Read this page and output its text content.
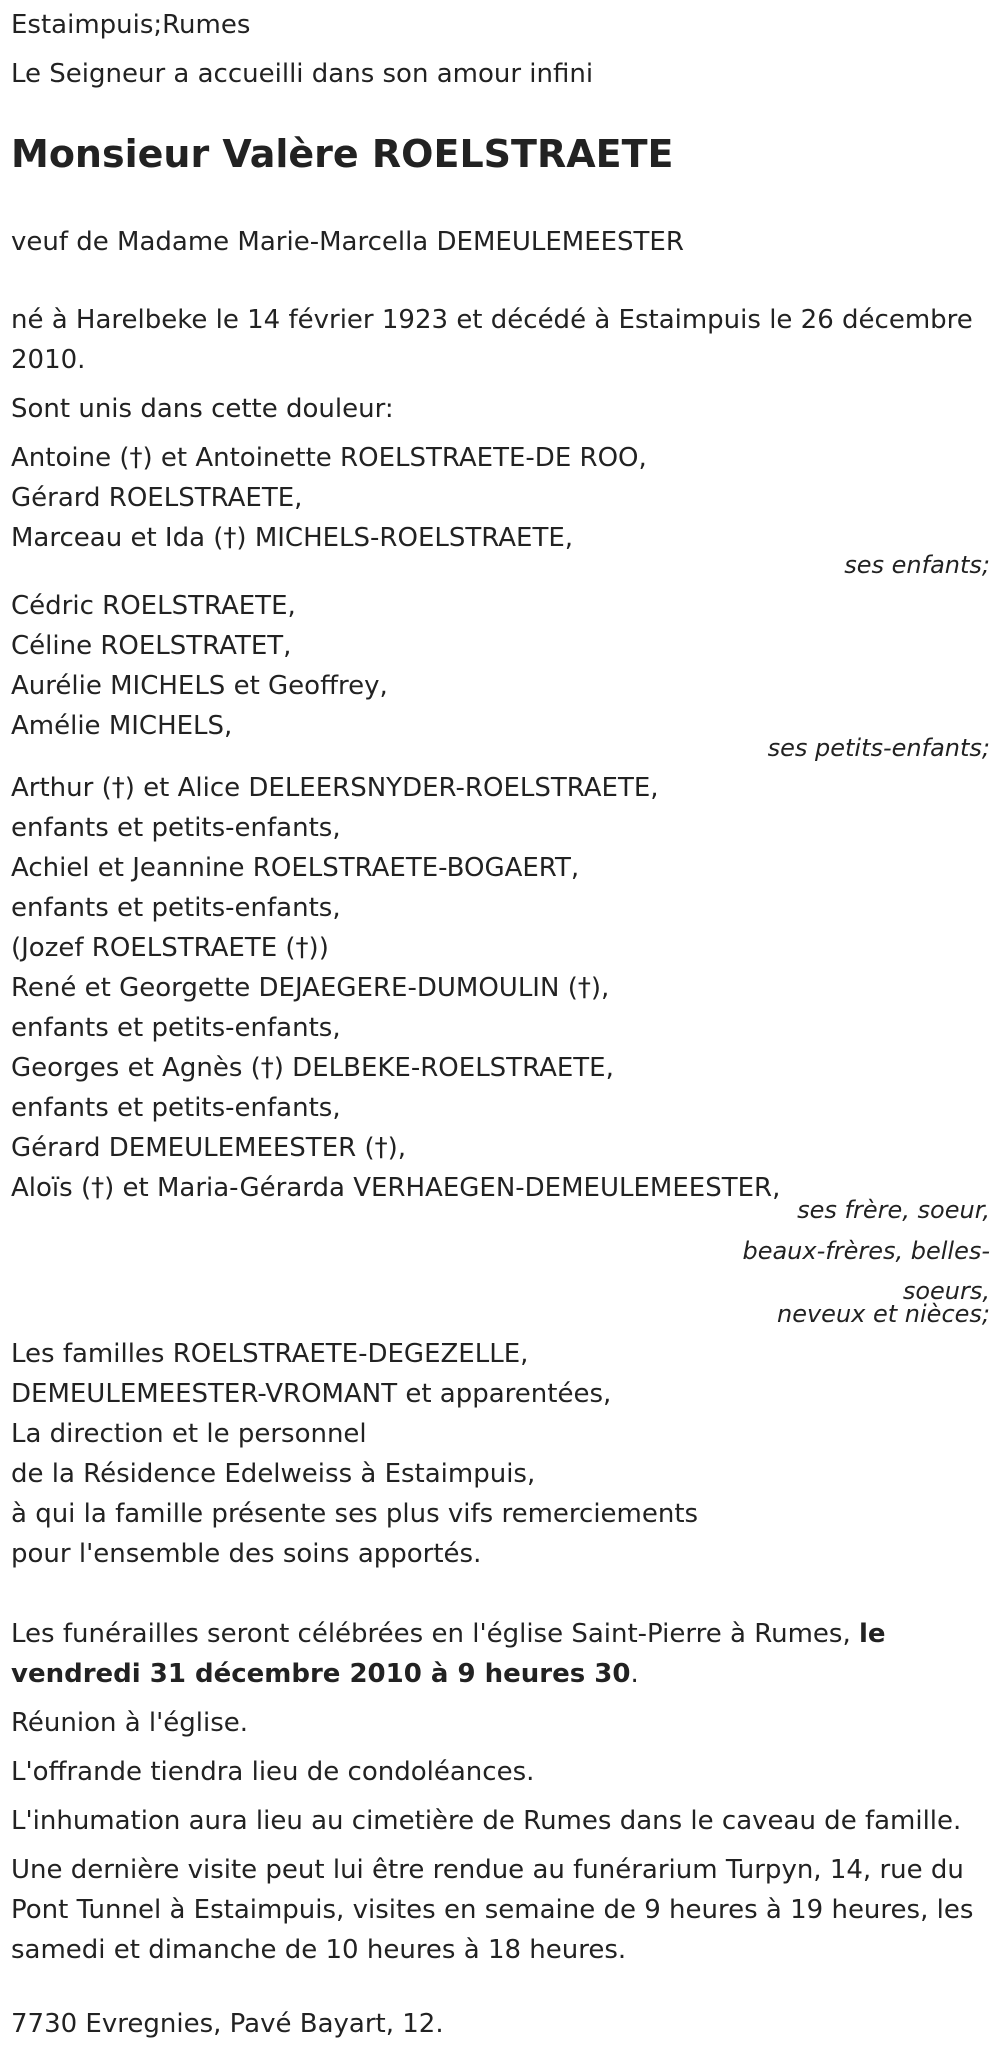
Estaimpuis;Rumes
Le Seigneur a accueilli dans son amour infini
Monsieur Valère ROELSTRAETE
veuf de Madame Marie-Marcella DEMEULEMEESTER
né à Harelbeke le 14 février 1923 et décédé à Estaimpuis le 26 décembre 2010.
Sont unis dans cette douleur:
Antoine (†) et Antoinette ROELSTRAETE-DE ROO,
Gérard ROELSTRAETE,
Marceau et Ida (†) MICHELS-ROELSTRAETE,
ses enfants;
Cédric ROELSTRAETE,
Céline ROELSTRATET,
Aurélie MICHELS et Geoffrey,
Amélie MICHELS,
ses petits-enfants;
Arthur (†) et Alice DELEERSNYDER-ROELSTRAETE,
enfants et petits-enfants,
Achiel et Jeannine ROELSTRAETE-BOGAERT,
enfants et petits-enfants,
(Jozef ROELSTRAETE (†))
René et Georgette DEJAEGERE-DUMOULIN (†),
enfants et petits-enfants,
Georges et Agnès (†) DELBEKE-ROELSTRAETE,
enfants et petits-enfants,
Gérard DEMEULEMEESTER (†),
Aloïs (†) et Maria-Gérarda VERHAEGEN-DEMEULEMEESTER,
ses frère, soeur,
beaux-frères, belles-
soeurs,
neveux et nièces;
Les familles ROELSTRAETE-DEGEZELLE,
DEMEULEMEESTER-VROMANT et apparentées,
La direction et le personnel
de la Résidence Edelweiss à Estaimpuis,
à qui la famille présente ses plus vifs remerciements
pour l'ensemble des soins apportés.
Les funérailles seront célébrées en l'église Saint-Pierre à Rumes, le vendredi 31 décembre 2010 à 9 heures 30.
Réunion à l'église.
L'offrande tiendra lieu de condoléances.
L'inhumation aura lieu au cimetière de Rumes dans le caveau de famille.
Une dernière visite peut lui être rendue au funérarium Turpyn, 14, rue du Pont Tunnel à Estaimpuis, visites en semaine de 9 heures à 19 heures, les samedi et dimanche de 10 heures à 18 heures.
7730 Evregnies, Pavé Bayart, 12.
